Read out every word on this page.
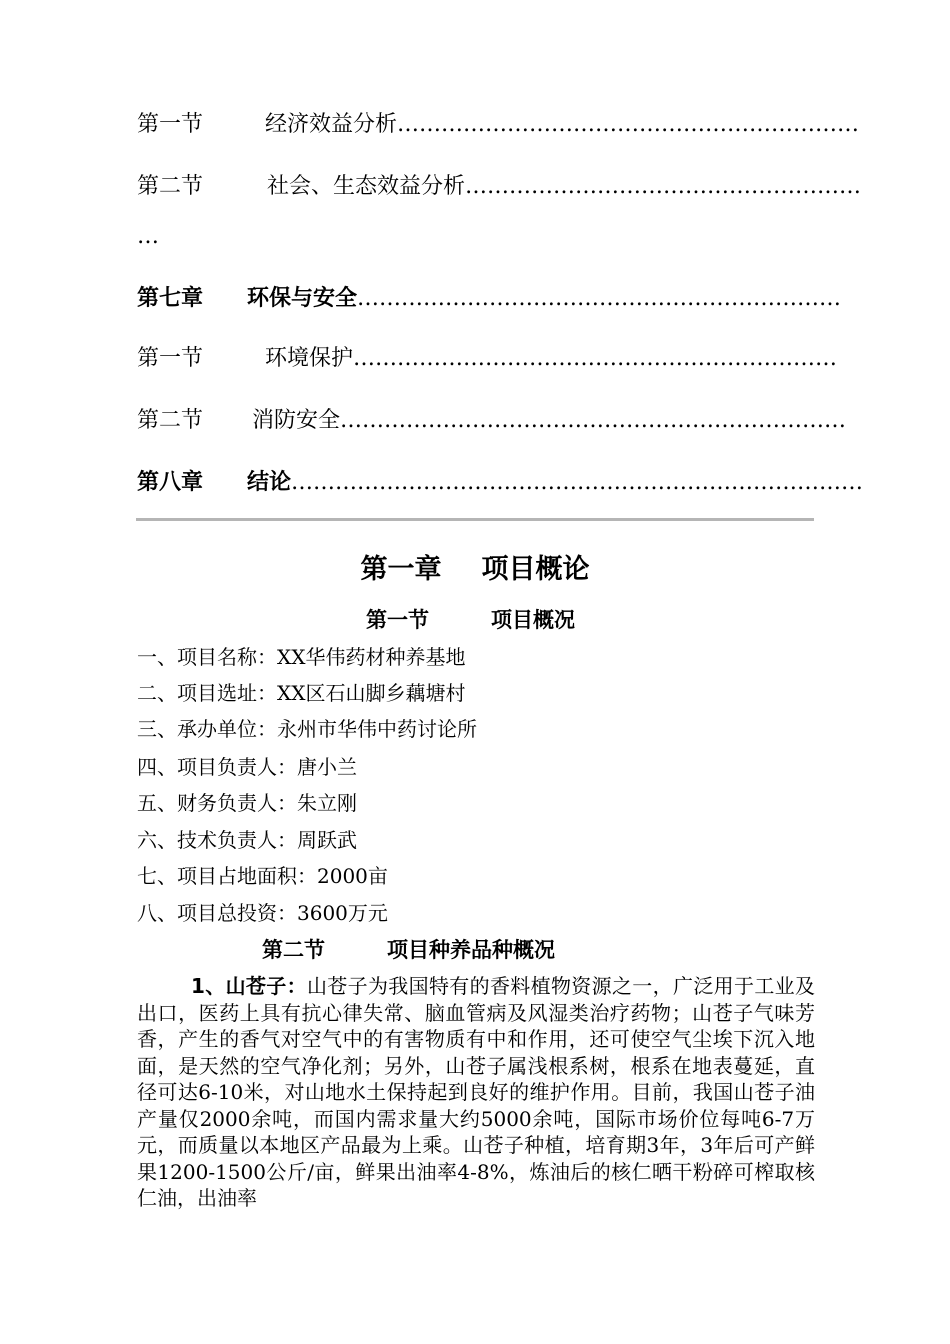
第一节	经济效益分析………………………………………………………
第二节	社会、生态效益分析………………………………………………
…
第七章 环保与安全…………………………………………………………
第一节	环境保护…………………………………………………………
第二节 消防安全……………………………………………………………
第八章 结论……………………………………………………………………
第一章 项目概论
第一节	项目概况
一、项目名称：XX华伟药材种养基地
二、项目选址：XX区石山脚乡藕塘村
三、承办单位：永州市华伟中药讨论所
四、项目负责人：唐小兰
五、财务负责人：朱立刚
六、技术负责人：周跃武
七、项目占地面积：2000亩
八、项目总投资：3600万元
第二节	项目种养品种概况
1、山苍子：山苍子为我国特有的香料植物资源之一，广泛用于工业及出口，医药上具有抗心律失常、脑血管病及风湿类治疗药物；山苍子气味芳香，产生的香气对空气中的有害物质有中和作用，还可使空气尘埃下沉入地面，是天然的空气净化剂；另外，山苍子属浅根系树，根系在地表蔓延，直径可达6-10米，对山地水土保持起到良好的维护作用。目前，我国山苍子油产量仅2000余吨，而国内需求量大约5000余吨，国际市场价位每吨6-7万元，而质量以本地区产品最为上乘。山苍子种植，培育期3年，3年后可产鲜果1200-1500公斤/亩，鲜果出油率4-8%，炼油后的核仁晒干粉碎可榨取核仁油，出油率
